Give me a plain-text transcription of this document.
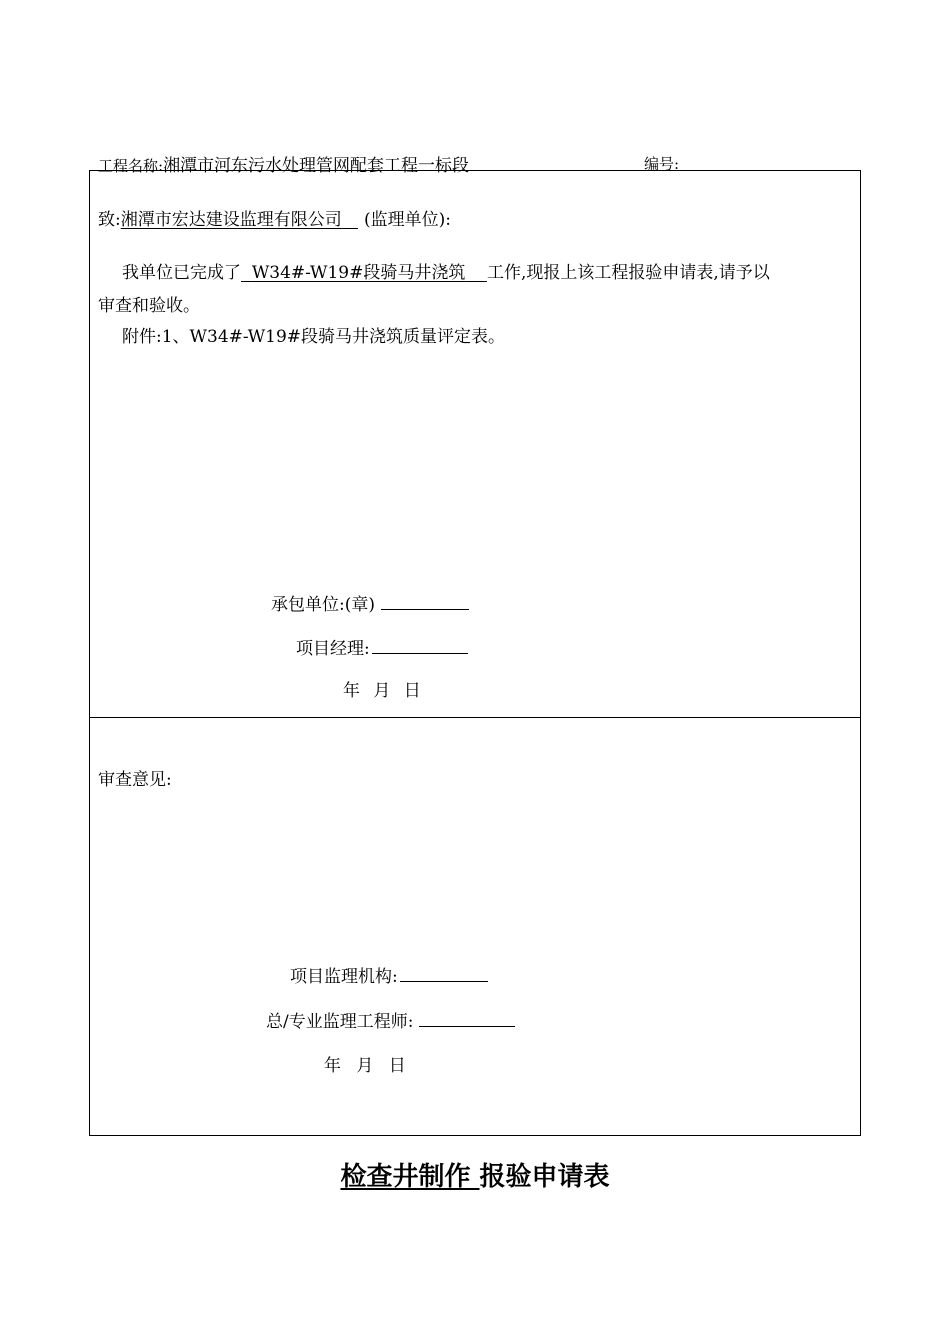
工程名称:湘潭市河东污水处理管网配套工程一标段	编号:
致:湘潭市宏达建设监理有限公司 (监理单位):
我单位已完成了 W34#-W19#段骑马井浇筑 工作,现报上该工程报验申请表,请予以
审查和验收。
附件:1、W34#-W19#段骑马井浇筑质量评定表。
承包单位:(章)
项目经理:
年 月 日
审查意见:
项目监理机构:
总/专业监理工程师:
年 月 日
检查井制作 报验申请表
